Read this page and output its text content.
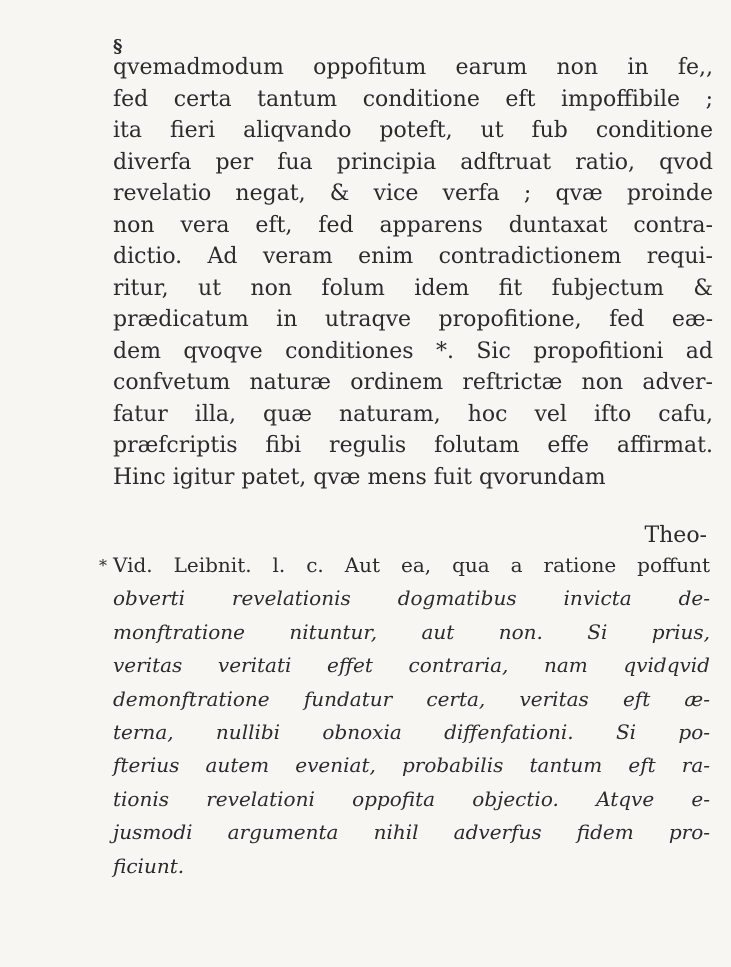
§
qvemadmodum oppofitum earum non in fe,,
fed certa tantum conditione eft impoffibile ;
ita fieri aliqvando poteft, ut fub conditione
diverfa per fua principia adftruat ratio, qvod
revelatio negat, & vice verfa ; qvæ proinde
non vera eft, fed apparens duntaxat contra-
dictio. Ad veram enim contradictionem requi-
ritur, ut non folum idem fit fubjectum &
prædicatum in utraqve propofitione, fed eæ-
dem qvoqve conditiones *. Sic propofitioni ad
confvetum naturæ ordinem reftrictæ non adver-
fatur illa, quæ naturam, hoc vel ifto cafu,
præfcriptis fibi regulis folutam effe affirmat.
Hinc igitur patet, qvæ mens fuit qvorundam
Theo-
* Vid. Leibnit. l. c. Aut ea, qua a ratione poffunt
obverti revelationis dogmatibus invicta de-
monftratione nituntur, aut non. Si prius,
veritas veritati effet contraria, nam qvidqvid
demonftratione fundatur certa, veritas eft æ-
terna, nullibi obnoxia diffenfationi. Si po-
fterius autem eveniat, probabilis tantum eft ra-
tionis revelationi oppofita objectio. Atqve e-
jusmodi argumenta nihil adverfus fidem pro-
ficiunt.
